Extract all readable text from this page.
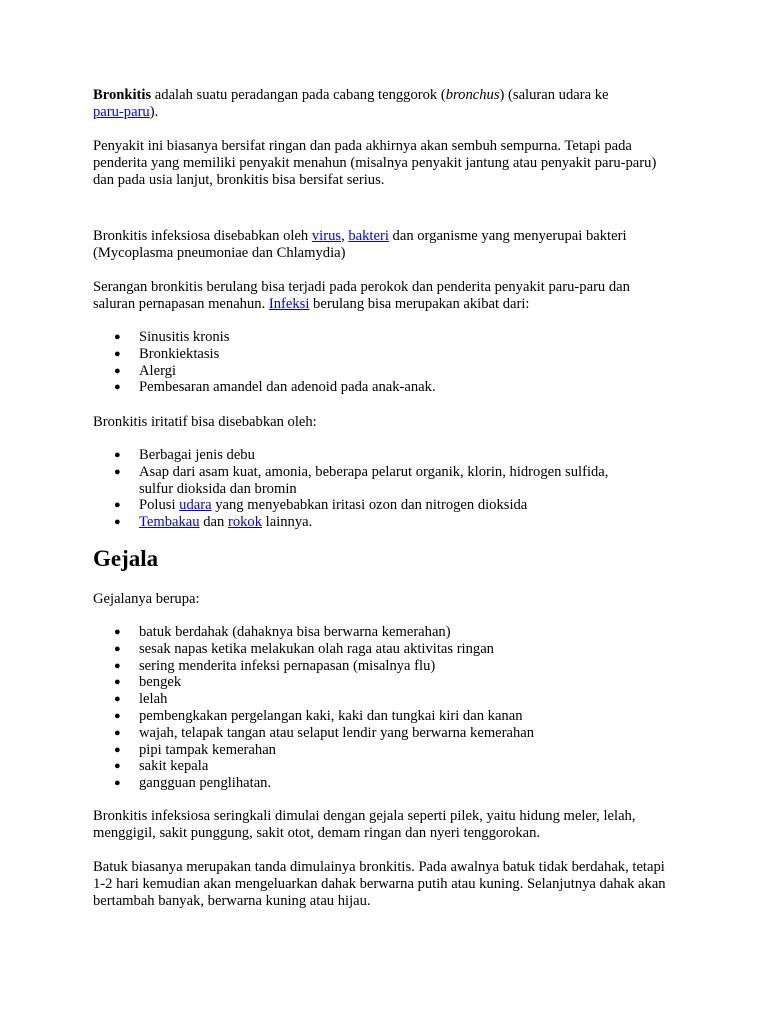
Bronkitis adalah suatu peradangan pada cabang tenggorok (bronchus) (saluran udara ke
paru-paru).

Penyakit ini biasanya bersifat ringan dan pada akhirnya akan sembuh sempurna. Tetapi pada penderita yang memiliki penyakit menahun (misalnya penyakit jantung atau penyakit paru-paru) dan pada usia lanjut, bronkitis bisa bersifat serius.

Bronkitis infeksiosa disebabkan oleh virus, bakteri dan organisme yang menyerupai bakteri (Mycoplasma pneumoniae dan Chlamydia)

Serangan bronkitis berulang bisa terjadi pada perokok dan penderita penyakit paru-paru dan saluran pernapasan menahun. Infeksi berulang bisa merupakan akibat dari:

● Sinusitis kronis
● Bronkiektasis
● Alergi
● Pembesaran amandel dan adenoid pada anak-anak.

Bronkitis iritatif bisa disebabkan oleh:

● Berbagai jenis debu
● Asap dari asam kuat, amonia, beberapa pelarut organik, klorin, hidrogen sulfida,
sulfur dioksida dan bromin
● Polusi udara yang menyebabkan iritasi ozon dan nitrogen dioksida
● Tembakau dan rokok lainnya.
Gejala

Gejalanya berupa:

● batuk berdahak (dahaknya bisa berwarna kemerahan)
● sesak napas ketika melakukan olah raga atau aktivitas ringan
● sering menderita infeksi pernapasan (misalnya flu)
● bengek
● lelah
● pembengkakan pergelangan kaki, kaki dan tungkai kiri dan kanan
● wajah, telapak tangan atau selaput lendir yang berwarna kemerahan
● pipi tampak kemerahan
● sakit kepala
● gangguan penglihatan.

Bronkitis infeksiosa seringkali dimulai dengan gejala seperti pilek, yaitu hidung meler, lelah, menggigil, sakit punggung, sakit otot, demam ringan dan nyeri tenggorokan.

Batuk biasanya merupakan tanda dimulainya bronkitis. Pada awalnya batuk tidak berdahak, tetapi 1-2 hari kemudian akan mengeluarkan dahak berwarna putih atau kuning. Selanjutnya dahak akan bertambah banyak, berwarna kuning atau hijau.
